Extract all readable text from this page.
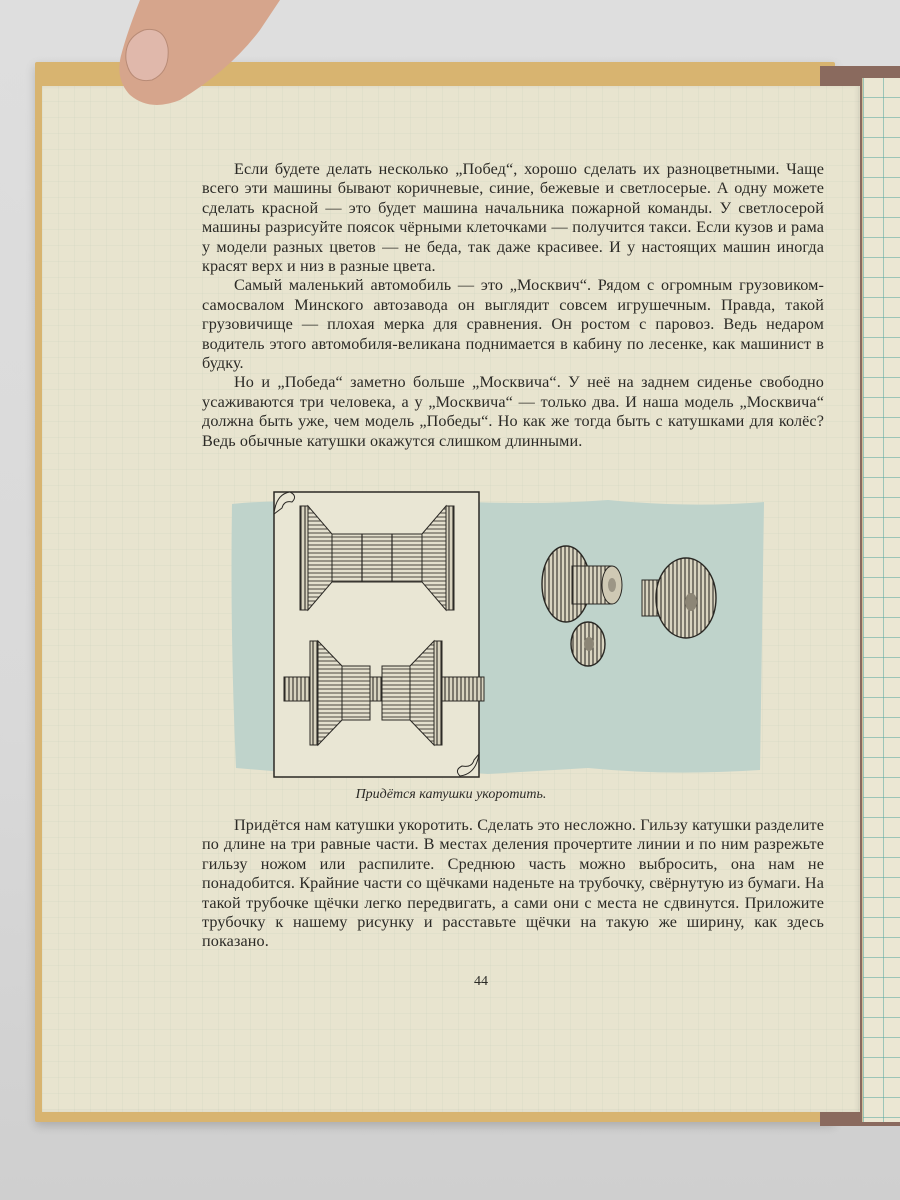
Если будете делать несколько „Побед“, хорошо сделать их разноцветными. Чаще всего эти машины бывают коричневые, синие, бежевые и светлосерые. А одну можете сделать красной — это будет машина начальника пожарной команды. У светлосерой машины разрисуйте поясок чёрными клеточками — получится такси. Если кузов и рама у модели разных цветов — не беда, так даже красивее. И у настоящих машин иногда красят верх и низ в разные цвета.

Самый маленький автомобиль — это „Москвич“. Рядом с огромным грузовиком-самосвалом Минского автозавода он выглядит совсем игрушечным. Правда, такой грузовичище — плохая мерка для сравнения. Он ростом с паровоз. Ведь недаром водитель этого автомобиля-великана поднимается в кабину по лесенке, как машинист в будку.

Но и „Победа“ заметно больше „Москвича“. У неё на заднем сиденье свободно усаживаются три человека, а у „Москвича“ — только два. И наша модель „Москвича“ должна быть уже, чем модель „Победы“. Но как же тогда быть с катушками для колёс? Ведь обычные катушки окажутся слишком длинными.

Придётся катушки укоротить.

Придётся нам катушки укоротить. Сделать это несложно. Гильзу катушки разделите по длине на три равные части. В местах деления прочертите линии и по ним разрежьте гильзу ножом или распилите. Среднюю часть можно выбросить, она нам не понадобится. Крайние части со щёчками наденьте на трубочку, свёрнутую из бумаги. На такой трубочке щёчки легко передвигать, а сами они с места не сдвинутся. Приложите трубочку к нашему рисунку и расставьте щёчки на такую же ширину, как здесь показано.

44
